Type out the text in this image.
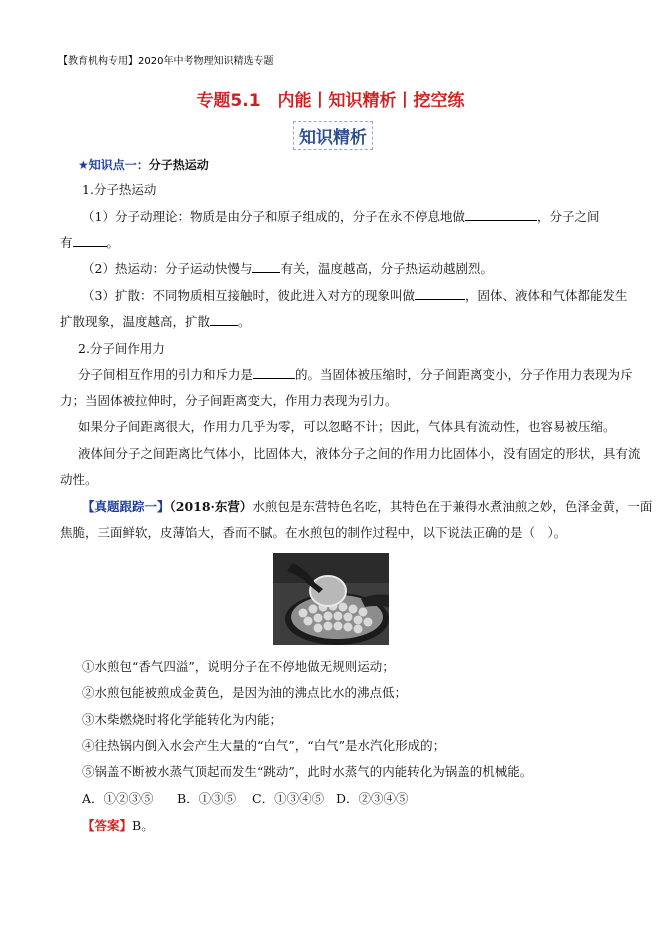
【教育机构专用】2020年中考物理知识精选专题
专题5.1　内能丨知识精析丨挖空练
知识精析
★知识点一：分子热运动
1.分子热运动
（1）分子动理论：物质是由分子和原子组成的，分子在永不停息地做	，分子之间
有	。
（2）热运动：分子运动快慢与 有关，温度越高，分子热运动越剧烈。
（3）扩散：不同物质相互接触时，彼此进入对方的现象叫做	，固体、液体和气体都能发生
扩散现象，温度越高，扩散 。
2.分子间作用力
分子间相互作用的引力和斥力是	的。当固体被压缩时，分子间距离变小，分子作用力表现为斥
力；当固体被拉伸时，分子间距离变大，作用力表现为引力。
如果分子间距离很大，作用力几乎为零，可以忽略不计；因此，气体具有流动性，也容易被压缩。
液体间分子之间距离比气体小，比固体大，液体分子之间的作用力比固体小，没有固定的形状，具有流
动性。
【真题跟踪一】（2018·东营）水煎包是东营特色名吃，其特色在于兼得水煮油煎之妙，色泽金黄，一面
焦脆，三面鲜软，皮薄馅大，香而不腻。在水煎包的制作过程中，以下说法正确的是（　）。
①水煎包“香气四溢”，说明分子在不停地做无规则运动；
②水煎包能被煎成金黄色，是因为油的沸点比水的沸点低；
③木柴燃烧时将化学能转化为内能；
④往热锅内倒入水会产生大量的“白气”，“白气”是水汽化形成的；
⑤锅盖不断被水蒸气顶起而发生“跳动”，此时水蒸气的内能转化为锅盖的机械能。
A．①②③⑤ B．①③⑤ C．①③④⑤ D．②③④⑤
【答案】B。
